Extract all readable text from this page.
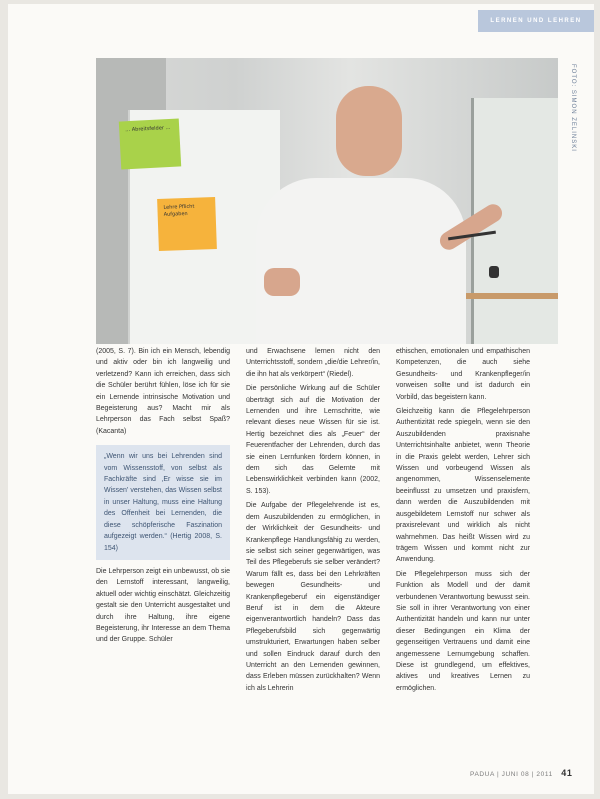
LERNEN UND LEHREN
… Abreitsfelder …
Lehre Pflicht Aufgaben
FOTO: SIMON ZELINSKI

(2005, S. 7). Bin ich ein Mensch, lebendig und aktiv oder bin ich langweilig und verletzend? Kann ich erreichen, dass sich die Schüler berührt fühlen, löse ich für sie ein Lernende intrinsische Motivation und Begeisterung aus? Macht mir als Lehrperson das Fach selbst Spaß? (Kacanta)

„Wenn wir uns bei Lehrenden sind vom Wissensstoff, von selbst als Fachkräfte sind ‚Er wisse sie im Wissen' verstehen, das Wissen selbst in unser Haltung, muss eine Haltung des Offenheit bei Lernenden, die diese schöpferische Faszination aufgezeigt werden.“ (Hertig 2008, S. 154)

Die Lehrperson zeigt ein unbewusst, ob sie den Lernstoff interessant, langweilig, aktuell oder wichtig einschätzt. Gleichzeitig gestalt sie den Unterricht ausgestaltet und durch ihre Haltung, ihre eigene Begeisterung, ihr Interesse an dem Thema und der Gruppe. Schüler

und Erwachsene lernen nicht den Unterrichtsstoff, sondern „die/die Lehrer/in, die ihn hat als verkörpert“ (Riedel).

Die persönliche Wirkung auf die Schüler überträgt sich auf die Motivation der Lernenden und ihre Lernschritte, wie relevant dieses neue Wissen für sie ist. Hertig bezeichnet dies als „Feuer“ der Feuerentfacher der Lehrenden, durch das sie einen Lernfunken fördern können, in dem sich das Gelernte mit Lebenswirklichkeit verbinden kann (2002, S. 153).

Die Aufgabe der Pflegelehrende ist es, dem Auszubildenden zu ermöglichen, in der Wirklichkeit der Gesundheits- und Krankenpflege Handlungsfähig zu werden, sie selbst sich seiner gegenwärtigen, was Teil des Pflegeberufs sie selber verändert? Warum fällt es, dass bei den Lehrkräften bewegen Gesundheits- und Krankenpflegeberuf ein eigenständiger Beruf ist in dem die Akteure eigenverantwortlich handeln? Dass das Pflegeberufsbild sich gegenwärtig umstrukturiert, Erwartungen haben selber und sollen Eindruck darauf durch den Unterricht an den Lernenden gewinnen, dass Erleben müssen zurückhalten? Wenn ich als Lehrerin

ethischen, emotionalen und empathischen Kompetenzen, die auch siehe Gesundheits- und Krankenpfleger/in vorweisen sollte und ist dadurch ein Vorbild, das begeistern kann.

Gleichzeitig kann die Pflegelehrperson Authentizität rede spiegeln, wenn sie den Auszubildenden praxisnahe Unterrichtsinhalte anbietet, wenn Theorie in die Praxis gelebt werden, Lehrer sich Wissen und vorbeugend Wissen als angenommen, Wissenselemente beeinflusst zu umsetzen und praxisfern, dann werden die Auszubildenden mit ausgebildetem Lernstoff nur schwer als praxisrelevant und wirklich als nicht wahrnehmen. Das heißt Wissen wird zu trägem Wissen und kommt nicht zur Anwendung.

Die Pflegelehrperson muss sich der Funktion als Modell und der damit verbundenen Verantwortung bewusst sein. Sie soll in ihrer Verantwortung von einer Authentizität handeln und kann nur unter dieser Bedingungen ein Klima der gegenseitigen Vertrauens und damit eine angemessene Lernumgebung schaffen. Diese ist grundlegend, um effektives, aktives und kreatives Lernen zu ermöglichen.

PADUA | JUNI 08 | 2011 41
